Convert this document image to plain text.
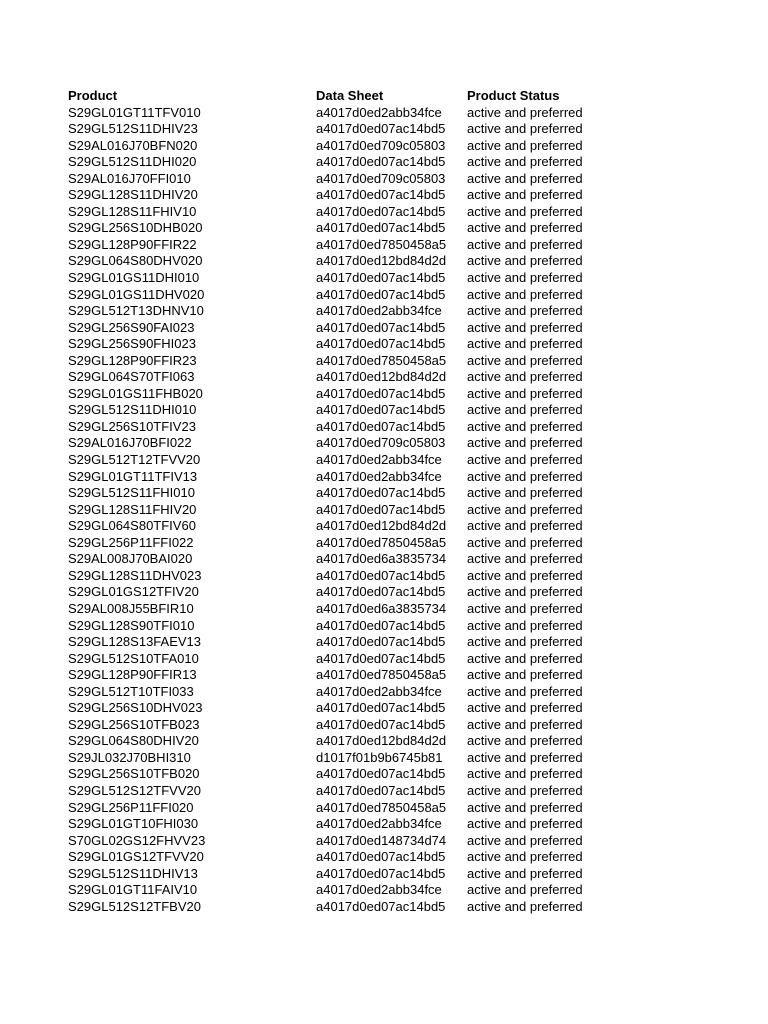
Product	Data Sheet	Product Status
S29GL01GT11TFV010	a4017d0ed2abb34fce	active and preferred
S29GL512S11DHIV23	a4017d0ed07ac14bd5	active and preferred
S29AL016J70BFN020	a4017d0ed709c05803	active and preferred
S29GL512S11DHI020	a4017d0ed07ac14bd5	active and preferred
S29AL016J70FFI010	a4017d0ed709c05803	active and preferred
S29GL128S11DHIV20	a4017d0ed07ac14bd5	active and preferred
S29GL128S11FHIV10	a4017d0ed07ac14bd5	active and preferred
S29GL256S10DHB020	a4017d0ed07ac14bd5	active and preferred
S29GL128P90FFIR22	a4017d0ed7850458a5	active and preferred
S29GL064S80DHV020	a4017d0ed12bd84d2d	active and preferred
S29GL01GS11DHI010	a4017d0ed07ac14bd5	active and preferred
S29GL01GS11DHV020	a4017d0ed07ac14bd5	active and preferred
S29GL512T13DHNV10	a4017d0ed2abb34fce	active and preferred
S29GL256S90FAI023	a4017d0ed07ac14bd5	active and preferred
S29GL256S90FHI023	a4017d0ed07ac14bd5	active and preferred
S29GL128P90FFIR23	a4017d0ed7850458a5	active and preferred
S29GL064S70TFI063	a4017d0ed12bd84d2d	active and preferred
S29GL01GS11FHB020	a4017d0ed07ac14bd5	active and preferred
S29GL512S11DHI010	a4017d0ed07ac14bd5	active and preferred
S29GL256S10TFIV23	a4017d0ed07ac14bd5	active and preferred
S29AL016J70BFI022	a4017d0ed709c05803	active and preferred
S29GL512T12TFVV20	a4017d0ed2abb34fce	active and preferred
S29GL01GT11TFIV13	a4017d0ed2abb34fce	active and preferred
S29GL512S11FHI010	a4017d0ed07ac14bd5	active and preferred
S29GL128S11FHIV20	a4017d0ed07ac14bd5	active and preferred
S29GL064S80TFIV60	a4017d0ed12bd84d2d	active and preferred
S29GL256P11FFI022	a4017d0ed7850458a5	active and preferred
S29AL008J70BAI020	a4017d0ed6a3835734	active and preferred
S29GL128S11DHV023	a4017d0ed07ac14bd5	active and preferred
S29GL01GS12TFIV20	a4017d0ed07ac14bd5	active and preferred
S29AL008J55BFIR10	a4017d0ed6a3835734	active and preferred
S29GL128S90TFI010	a4017d0ed07ac14bd5	active and preferred
S29GL128S13FAEV13	a4017d0ed07ac14bd5	active and preferred
S29GL512S10TFA010	a4017d0ed07ac14bd5	active and preferred
S29GL128P90FFIR13	a4017d0ed7850458a5	active and preferred
S29GL512T10TFI033	a4017d0ed2abb34fce	active and preferred
S29GL256S10DHV023	a4017d0ed07ac14bd5	active and preferred
S29GL256S10TFB023	a4017d0ed07ac14bd5	active and preferred
S29GL064S80DHIV20	a4017d0ed12bd84d2d	active and preferred
S29JL032J70BHI310	d1017f01b9b6745b81	active and preferred
S29GL256S10TFB020	a4017d0ed07ac14bd5	active and preferred
S29GL512S12TFVV20	a4017d0ed07ac14bd5	active and preferred
S29GL256P11FFI020	a4017d0ed7850458a5	active and preferred
S29GL01GT10FHI030	a4017d0ed2abb34fce	active and preferred
S70GL02GS12FHVV23	a4017d0ed148734d74	active and preferred
S29GL01GS12TFVV20	a4017d0ed07ac14bd5	active and preferred
S29GL512S11DHIV13	a4017d0ed07ac14bd5	active and preferred
S29GL01GT11FAIV10	a4017d0ed2abb34fce	active and preferred
S29GL512S12TFBV20	a4017d0ed07ac14bd5	active and preferred
